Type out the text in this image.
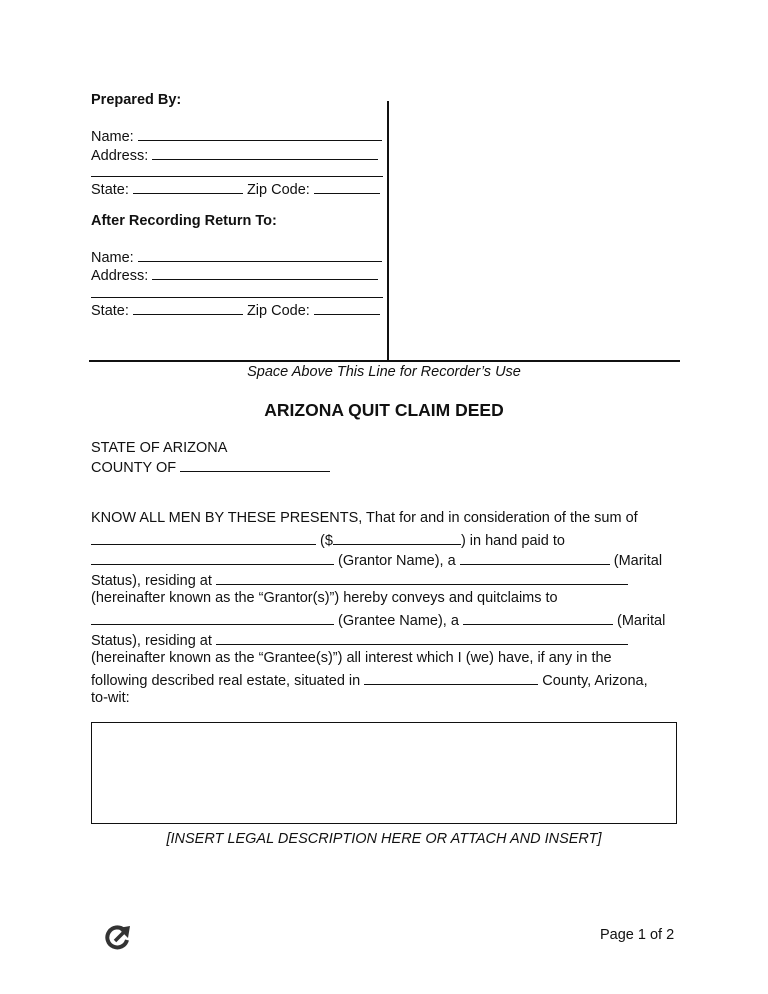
Prepared By:
Name:
Address:
State:	Zip Code:
After Recording Return To:
Name:
Address:
State:	Zip Code:
Space Above This Line for Recorder’s Use
ARIZONA QUIT CLAIM DEED
STATE OF ARIZONA
COUNTY OF
KNOW ALL MEN BY THESE PRESENTS, That for and in consideration of the sum of
($	) in hand paid to
(Grantor Name), a	(Marital
Status), residing at
(hereinafter known as the “Grantor(s)”) hereby conveys and quitclaims to
(Grantee Name), a	(Marital
Status), residing at
(hereinafter known as the “Grantee(s)”) all interest which I (we) have, if any in the
following described real estate, situated in	County, Arizona,
to-wit:
[INSERT LEGAL DESCRIPTION HERE OR ATTACH AND INSERT]
Page 1 of 2
